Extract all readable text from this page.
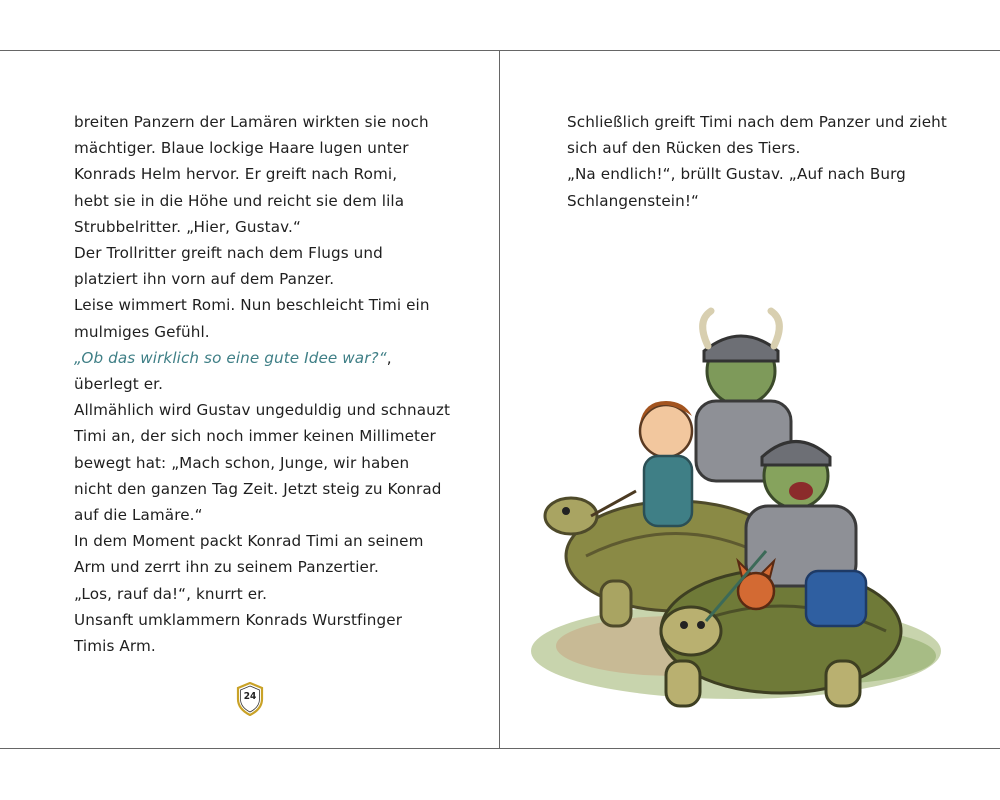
breiten Panzern der Lamären wirkten sie noch
mächtiger. Blaue lockige Haare lugen unter
Konrads Helm hervor. Er greift nach Romi,
hebt sie in die Höhe und reicht sie dem lila
Strubbelritter. „Hier, Gustav.“
Der Trollritter greift nach dem Flugs und
platziert ihn vorn auf dem Panzer.
Leise wimmert Romi. Nun beschleicht Timi ein
mulmiges Gefühl.
„Ob das wirklich so eine gute Idee war?“,
überlegt er.
Allmählich wird Gustav ungeduldig und schnauzt
Timi an, der sich noch immer keinen Millimeter
bewegt hat: „Mach schon, Junge, wir haben
nicht den ganzen Tag Zeit. Jetzt steig zu Konrad
auf die Lamäre.“
In dem Moment packt Konrad Timi an seinem
Arm und zerrt ihn zu seinem Panzertier.
„Los, rauf da!“, knurrt er.
Unsanft umklammern Konrads Wurstfinger
Timis Arm.
24
Schließlich greift Timi nach dem Panzer und zieht
sich auf den Rücken des Tiers.
„Na endlich!“, brüllt Gustav. „Auf nach Burg
Schlangenstein!“
